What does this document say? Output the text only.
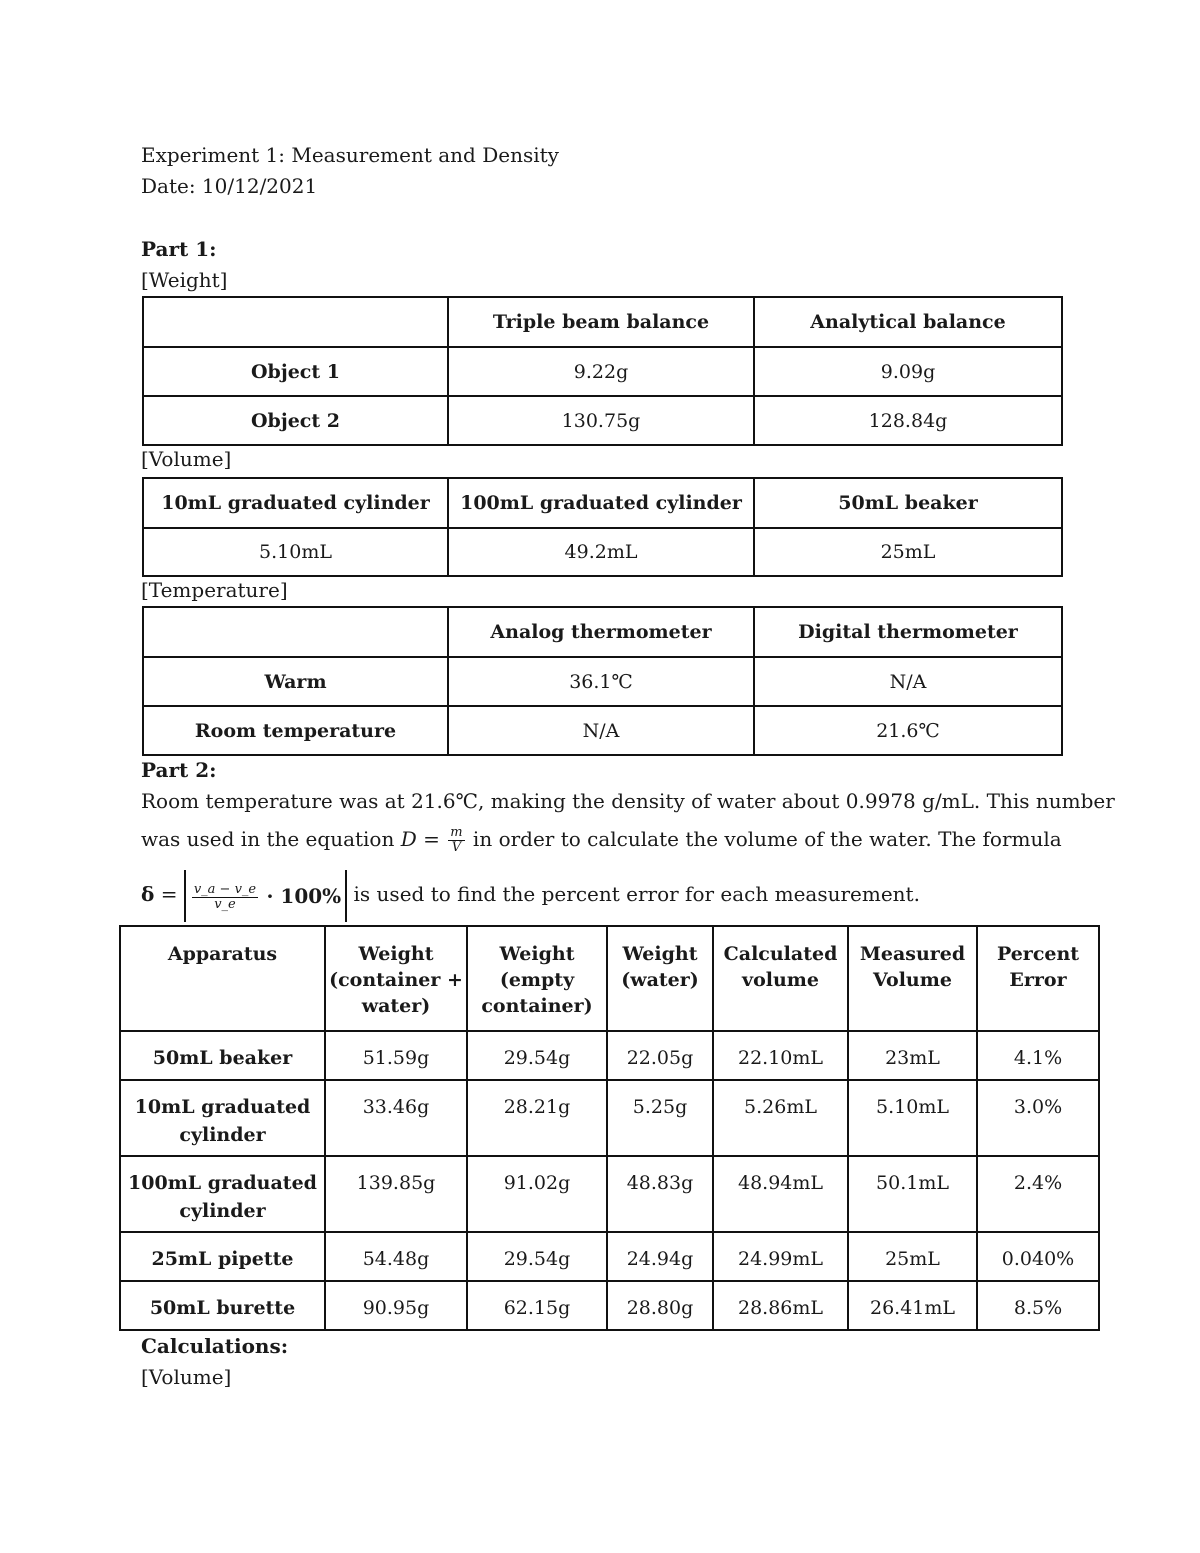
Experiment 1: Measurement and Density
Date: 10/12/2021
Part 1:
[Weight]
	Triple beam balance	Analytical balance
Object 1	9.22g	9.09g
Object 2	130.75g	128.84g
[Volume]
10mL graduated cylinder	100mL graduated cylinder	50mL beaker
5.10mL	49.2mL	25mL
[Temperature]
	Analog thermometer	Digital thermometer
Warm	36.1℃	N/A
Room temperature	N/A	21.6℃
Part 2:
Room temperature was at 21.6℃, making the density of water about 0.9978 g/mL. This number
was used in the equation $D = \frac{m}{V}$ in order to calculate the volume of the water. The formula
$\delta = \frac{v\_a - v\_e}{v\_e} \cdot 100\%$ is used to find the percent error for each measurement.
Apparatus	Weight (container + water)	Weight (empty container)	Weight (water)	Calculated volume	Measured Volume	Percent Error
50mL beaker	51.59g	29.54g	22.05g	22.10mL	23mL	4.1%
10mL graduated cylinder	33.46g	28.21g	5.25g	5.26mL	5.10mL	3.0%
100mL graduated cylinder	139.85g	91.02g	48.83g	48.94mL	50.1mL	2.4%
25mL pipette	54.48g	29.54g	24.94g	24.99mL	25mL	0.040%
50mL burette	90.95g	62.15g	28.80g	28.86mL	26.41mL	8.5%
Calculations:
[Volume]
